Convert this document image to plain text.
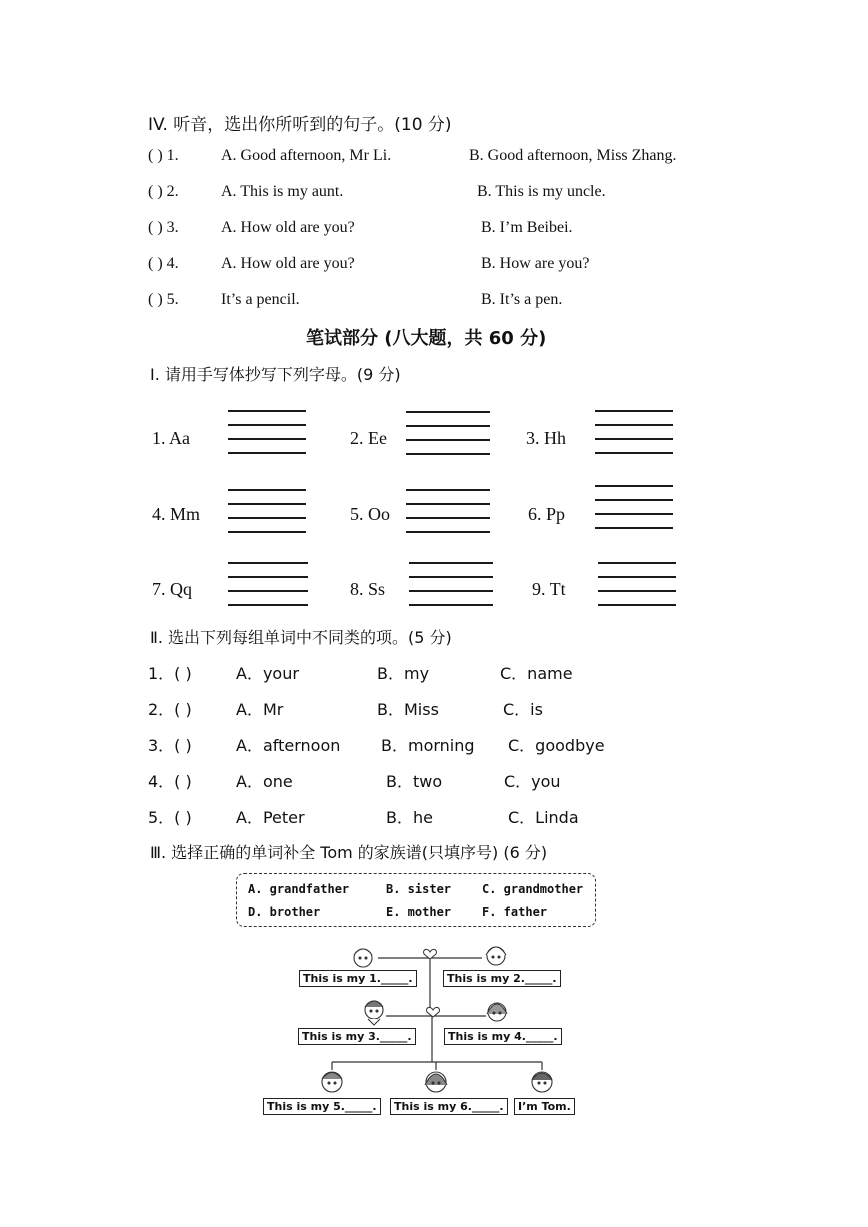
IV. 听音，选出你所听到的句子。(10 分)
( ) 1.	A. Good afternoon, Mr Li.	B. Good afternoon, Miss Zhang.
( ) 2.	A. This is my aunt.	B. This is my uncle.
( ) 3.	A. How old are you?	B. I’m Beibei.
( ) 4.	A. How old are you?	B. How are you?
( ) 5.	It’s a pencil.	B. It’s a pen.
笔试部分 (八大题，共 60 分)
Ⅰ. 请用手写体抄写下列字母。(9 分)
1. Aa	2. Ee	3. Hh
4. Mm	5. Oo	6. Pp
7. Qq	8. Ss	9. Tt
Ⅱ. 选出下列每组单词中不同类的项。(5 分)
1．( )	A．your	B．my	C．name
2．( )	A．Mr	B．Miss	C．is
3．( )	A．afternoon	B．morning C．goodbye
4．( )	A．one	B．two	C．you
5．( )	A．Peter	B．he	C．Linda
Ⅲ. 选择正确的单词补全 Tom 的家族谱(只填序号) (6 分)
A. grandfather	B. sister	C. grandmother
D. brother	E. mother	F. father
This is my 1._____.	This is my 2._____.
This is my 3._____.	This is my 4._____.
This is my 5._____.	This is my 6._____.	I’m Tom.
